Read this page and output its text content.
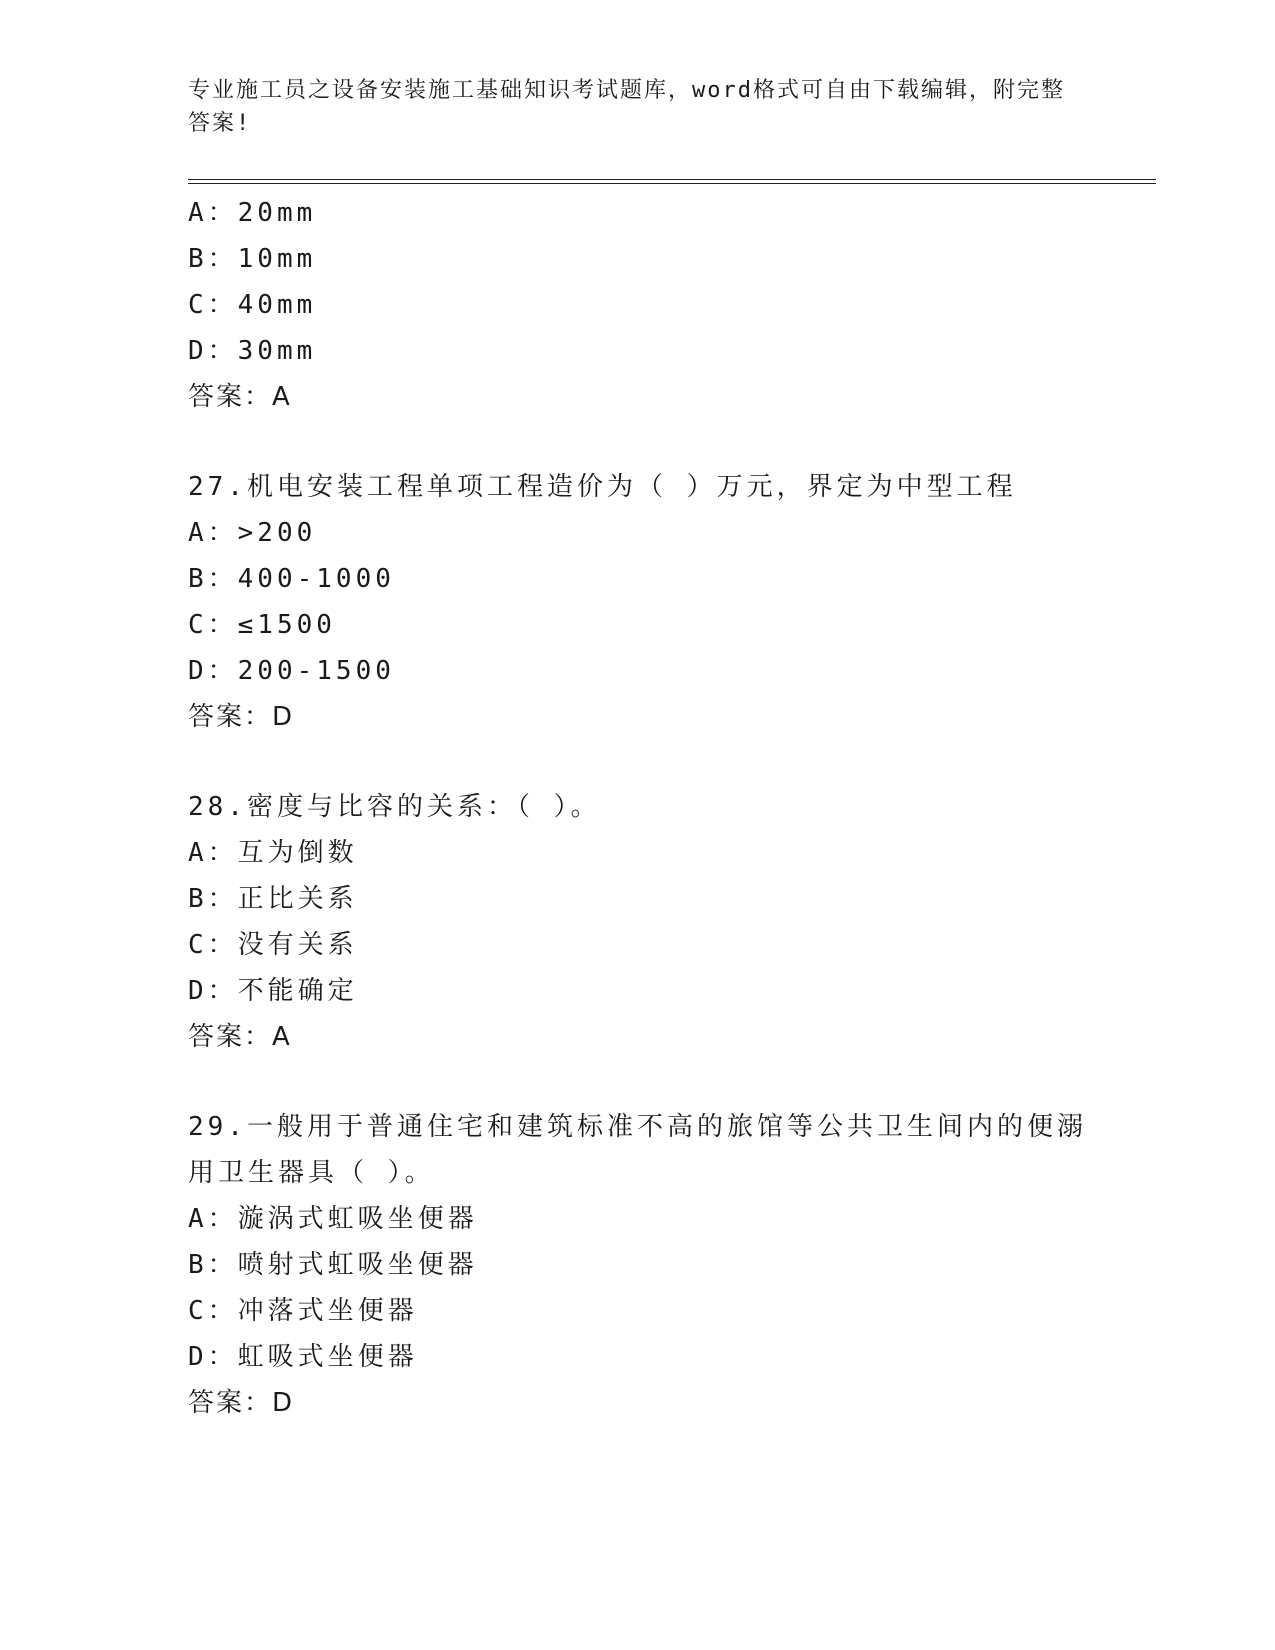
专业施工员之设备安装施工基础知识考试题库，word格式可自由下载编辑，附完整答案!
A：20mm
B：10mm
C：40mm
D：30mm
答案：A
27.机电安装工程单项工程造价为（ ）万元，界定为中型工程
A：>200
B：400-1000
C：≤1500
D：200-1500
答案：D
28.密度与比容的关系：（ ）。
A：互为倒数
B：正比关系
C：没有关系
D：不能确定
答案：A
29.一般用于普通住宅和建筑标准不高的旅馆等公共卫生间内的便溺用卫生器具（ ）。
A：漩涡式虹吸坐便器
B：喷射式虹吸坐便器
C：冲落式坐便器
D：虹吸式坐便器
答案：D
